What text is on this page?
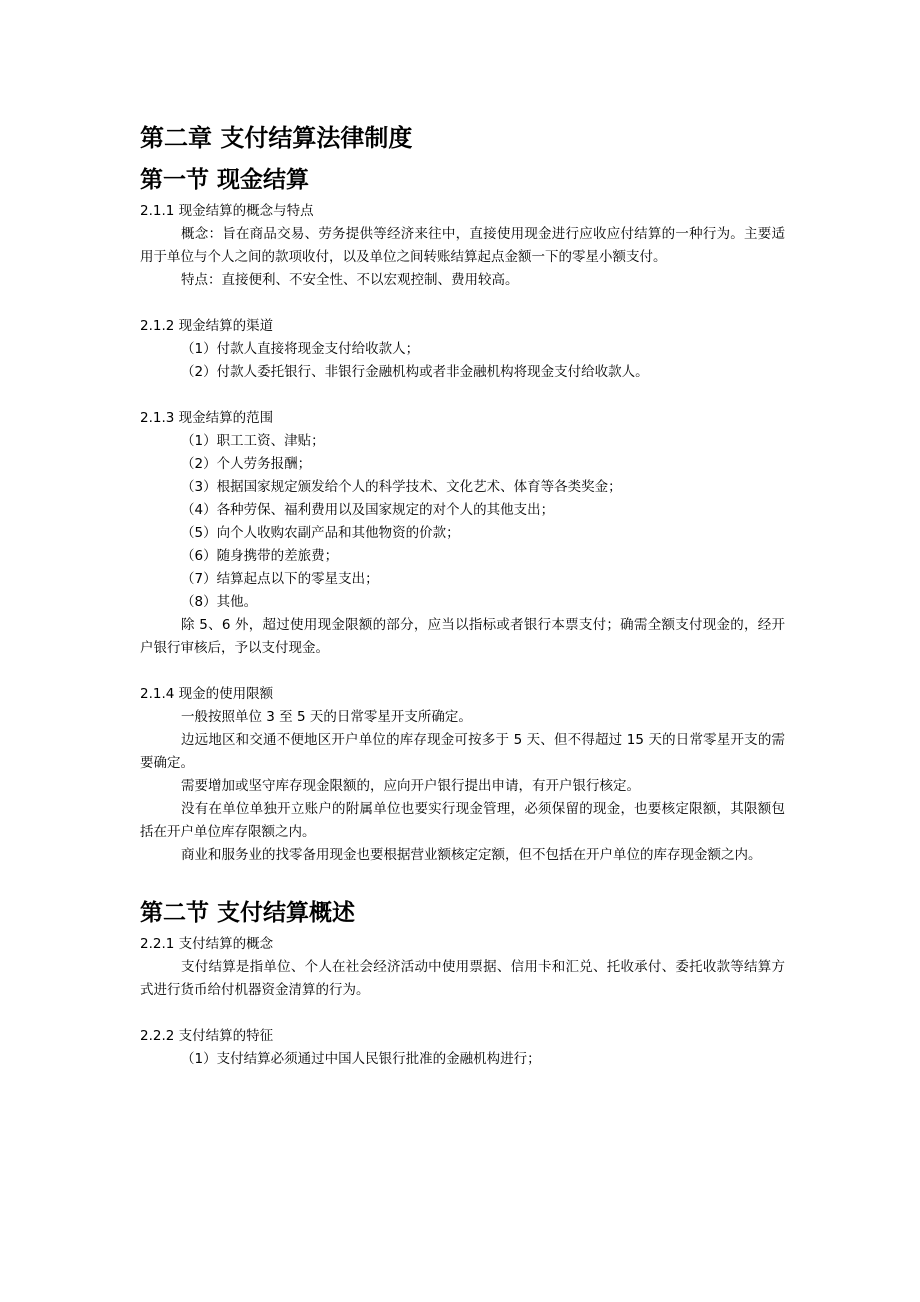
第二章 支付结算法律制度
第一节 现金结算
2.1.1 现金结算的概念与特点
概念：旨在商品交易、劳务提供等经济来往中，直接使用现金进行应收应付结算的一种行为。主要适用于单位与个人之间的款项收付，以及单位之间转账结算起点金额一下的零星小额支付。
特点：直接便利、不安全性、不以宏观控制、费用较高。
2.1.2 现金结算的渠道
（1）付款人直接将现金支付给收款人；
（2）付款人委托银行、非银行金融机构或者非金融机构将现金支付给收款人。
2.1.3 现金结算的范围
（1）职工工资、津贴；
（2）个人劳务报酬；
（3）根据国家规定颁发给个人的科学技术、文化艺术、体育等各类奖金；
（4）各种劳保、福利费用以及国家规定的对个人的其他支出；
（5）向个人收购农副产品和其他物资的价款；
（6）随身携带的差旅费；
（7）结算起点以下的零星支出；
（8）其他。
除 5、6 外，超过使用现金限额的部分，应当以指标或者银行本票支付；确需全额支付现金的，经开户银行审核后，予以支付现金。
2.1.4 现金的使用限额
一般按照单位 3 至 5 天的日常零星开支所确定。
边远地区和交通不便地区开户单位的库存现金可按多于 5 天、但不得超过 15 天的日常零星开支的需要确定。
需要增加或坚守库存现金限额的，应向开户银行提出申请，有开户银行核定。
没有在单位单独开立账户的附属单位也要实行现金管理，必须保留的现金，也要核定限额，其限额包括在开户单位库存限额之内。
商业和服务业的找零备用现金也要根据营业额核定定额，但不包括在开户单位的库存现金额之内。
第二节 支付结算概述
2.2.1 支付结算的概念
支付结算是指单位、个人在社会经济活动中使用票据、信用卡和汇兑、托收承付、委托收款等结算方式进行货币给付机器资金清算的行为。
2.2.2 支付结算的特征
（1）支付结算必须通过中国人民银行批准的金融机构进行；
